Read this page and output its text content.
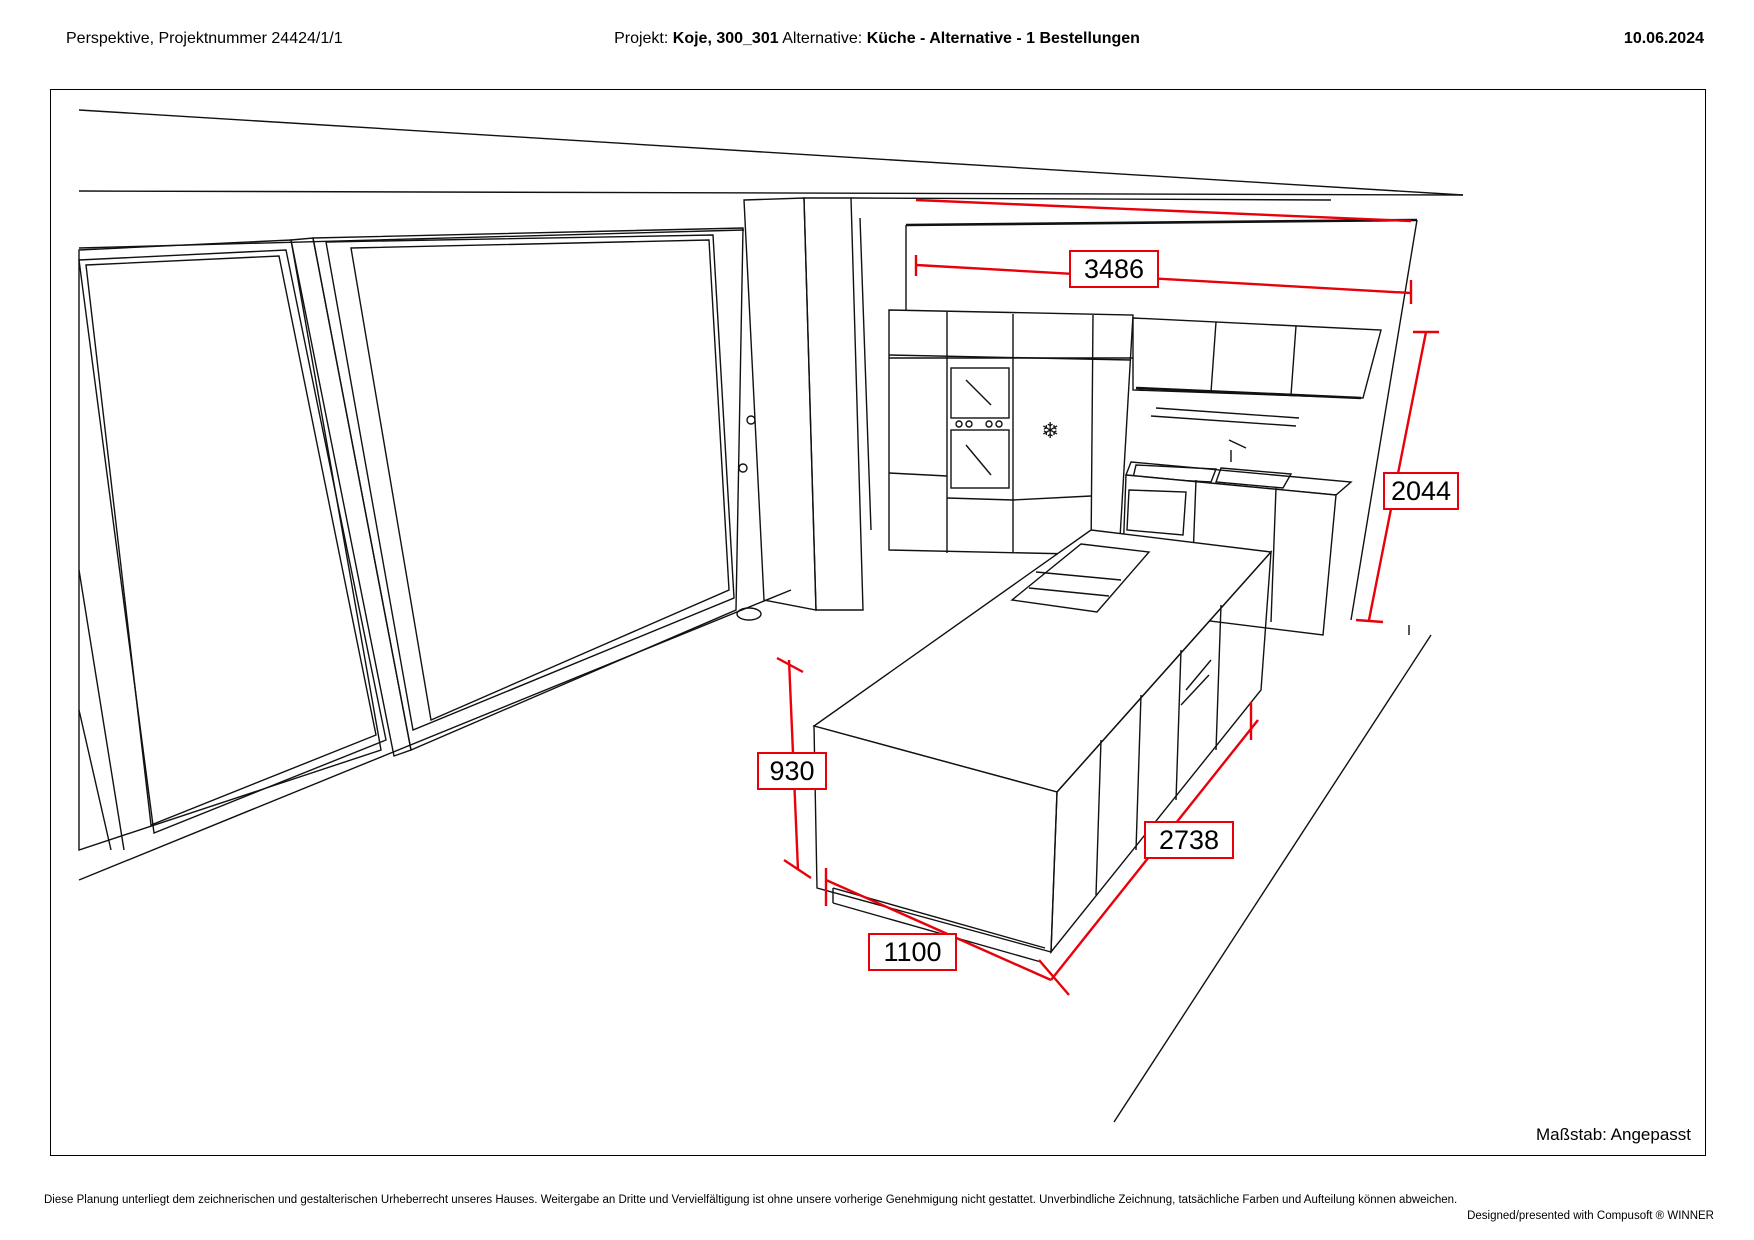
Perspektive, Projektnummer 24424/1/1	Projekt: Koje, 300_301 Alternative: Küche - Alternative - 1 Bestellungen	10.06.2024
❄
3486
2044
930
2738
1100
Maßstab: Angepasst
Diese Planung unterliegt dem zeichnerischen und gestalterischen Urheberrecht unseres Hauses. Weitergabe an Dritte und Vervielfältigung ist ohne unsere vorherige Genehmigung nicht gestattet. Unverbindliche Zeichnung, tatsächliche Farben und Aufteilung können abweichen.
Designed/presented with Compusoft ® WINNER
